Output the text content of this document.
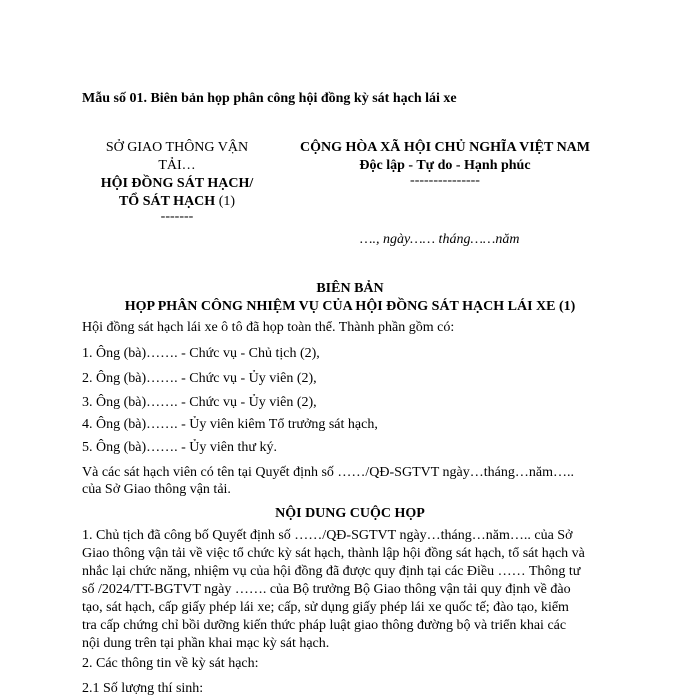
Mẫu số 01. Biên bản họp phân công hội đồng kỳ sát hạch lái xe
SỞ GIAO THÔNG VẬN
TẢI…
HỘI ĐỒNG SÁT HẠCH/
TỔ SÁT HẠCH (1)
-------
CỘNG HÒA XÃ HỘI CHỦ NGHĨA VIỆT NAM
Độc lập - Tự do - Hạnh phúc
---------------
…., ngày…… tháng……năm
BIÊN BẢN
HỌP PHÂN CÔNG NHIỆM VỤ CỦA HỘI ĐỒNG SÁT HẠCH LÁI XE (1)
Hội đồng sát hạch lái xe ô tô đã họp toàn thể. Thành phần gồm có:
1. Ông (bà)……. - Chức vụ - Chủ tịch (2),
2. Ông (bà)……. - Chức vụ - Ủy viên (2),
3. Ông (bà)……. - Chức vụ - Ủy viên (2),
4. Ông (bà)……. - Ủy viên kiêm Tổ trưởng sát hạch,
5. Ông (bà)……. - Ủy viên thư ký.
Và các sát hạch viên có tên tại Quyết định số ……/QĐ-SGTVT ngày…tháng…năm…..
của Sở Giao thông vận tải.
NỘI DUNG CUỘC HỌP
1. Chủ tịch đã công bố Quyết định số ……/QĐ-SGTVT ngày…tháng…năm….. của Sở
Giao thông vận tải về việc tổ chức kỳ sát hạch, thành lập hội đồng sát hạch, tổ sát hạch và
nhắc lại chức năng, nhiệm vụ của hội đồng đã được quy định tại các Điều …… Thông tư
số /2024/TT-BGTVT ngày ……. của Bộ trưởng Bộ Giao thông vận tải quy định về đào
tạo, sát hạch, cấp giấy phép lái xe; cấp, sử dụng giấy phép lái xe quốc tế; đào tạo, kiểm
tra cấp chứng chỉ bồi dưỡng kiến thức pháp luật giao thông đường bộ và triển khai các
nội dung trên tại phần khai mạc kỳ sát hạch.
2. Các thông tin về kỳ sát hạch:
2.1 Số lượng thí sinh:
